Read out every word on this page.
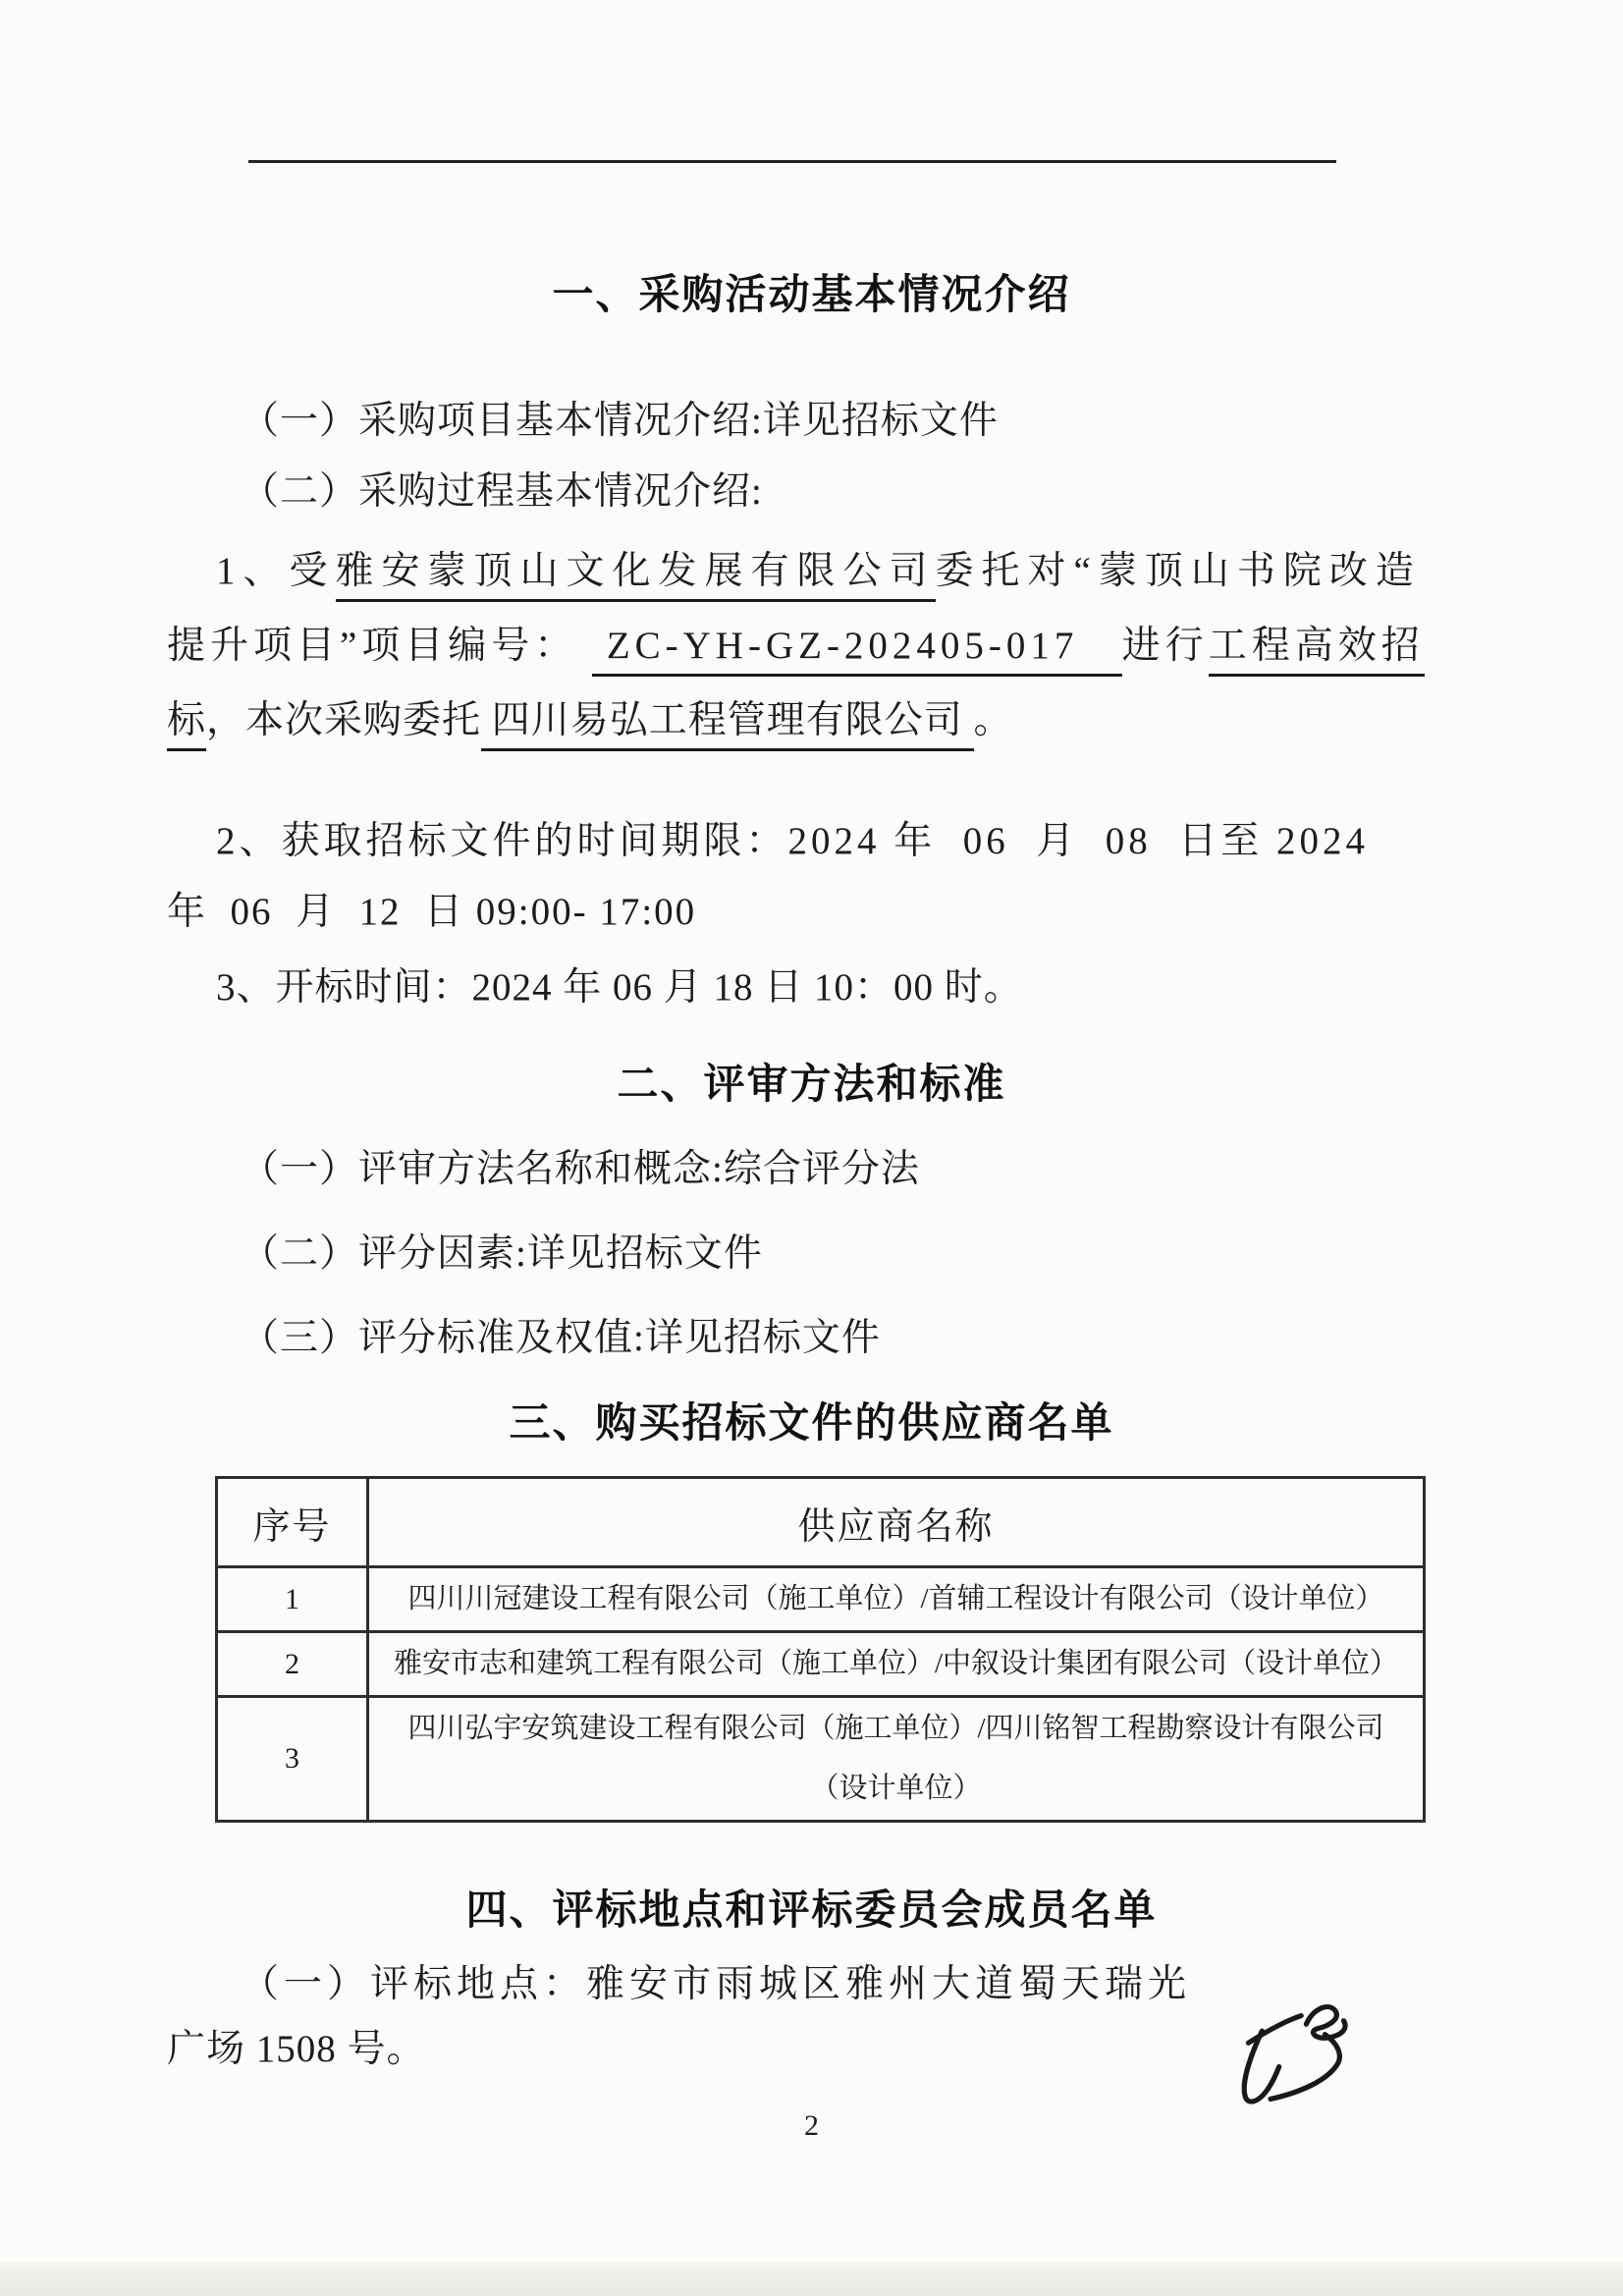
一、采购活动基本情况介绍
（一）采购项目基本情况介绍:详见招标文件
（二）采购过程基本情况介绍:
1、受雅安蒙顶山文化发展有限公司委托对“蒙顶山书院改造
提升项目”项目编号：  ZC-YH-GZ-202405-017   进行工程高效招
标，本次采购委托 四川易弘工程管理有限公司 。
2、获取招标文件的时间期限：2024 年  06  月  08  日至 2024
年  06  月  12  日 09:00- 17:00
3、开标时间：2024 年 06 月 18 日 10：00 时。
二、评审方法和标准
（一）评审方法名称和概念:综合评分法
（二）评分因素:详见招标文件
（三）评分标准及权值:详见招标文件
三、购买招标文件的供应商名单
序号	供应商名称
1	四川川冠建设工程有限公司（施工单位）/首辅工程设计有限公司（设计单位）
2	雅安市志和建筑工程有限公司（施工单位）/中叙设计集团有限公司（设计单位）
3	四川弘宇安筑建设工程有限公司（施工单位）/四川铭智工程勘察设计有限公司（设计单位）
四、评标地点和评标委员会成员名单
（一）评标地点：雅安市雨城区雅州大道蜀天瑞光
广场 1508 号。
2
